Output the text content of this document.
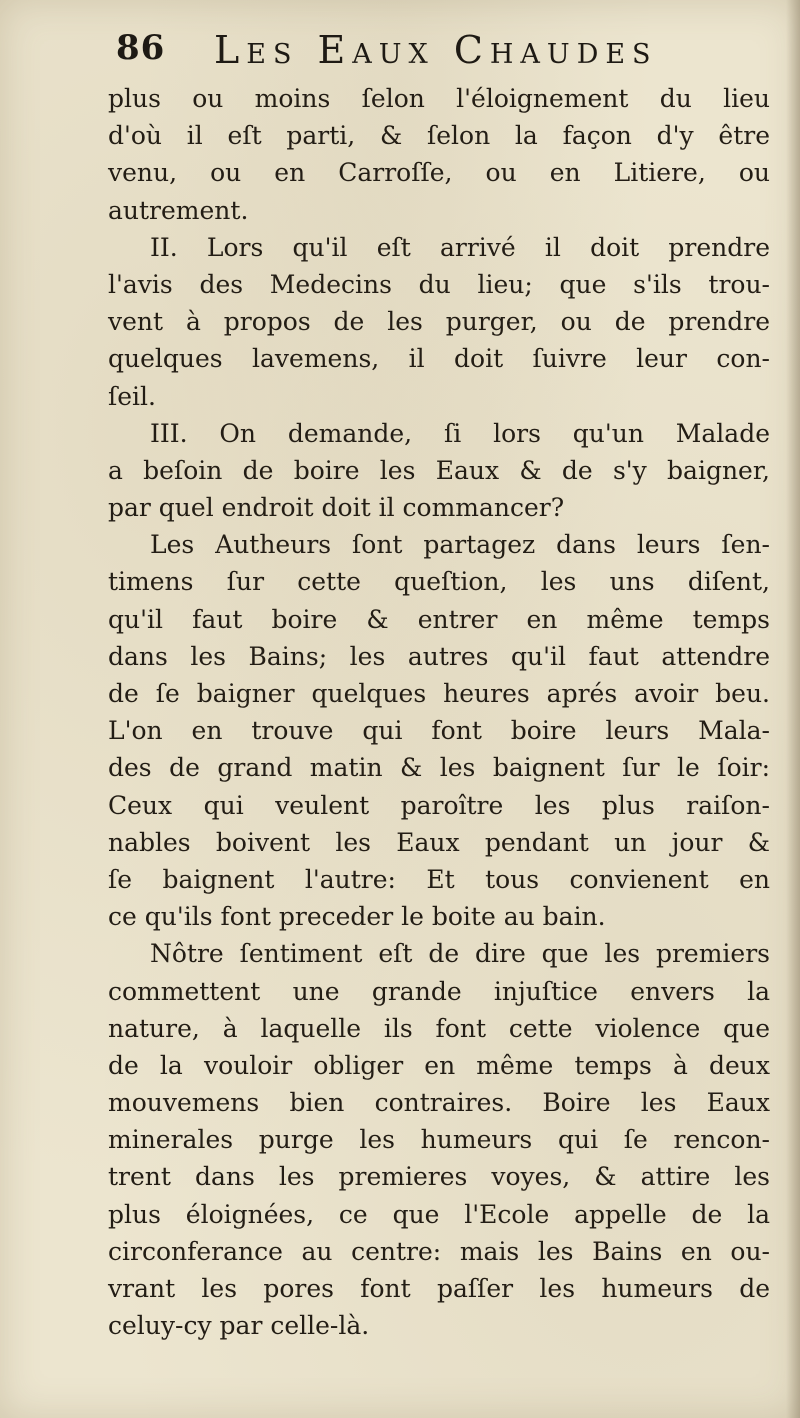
86 Les Eaux Chaudes
plus ou moins ſelon l'éloignement du lieu
d'où il eſt parti, & ſelon la façon d'y être
venu, ou en Carroſſe, ou en Litiere, ou
autrement.
II. Lors qu'il eſt arrivé il doit prendre
l'avis des Medecins du lieu; que s'ils trou-
vent à propos de les purger, ou de prendre
quelques lavemens, il doit ſuivre leur con-
ſeil.
III. On demande, ſi lors qu'un Malade
a beſoin de boire les Eaux & de s'y baigner,
par quel endroit doit il commancer?
Les Autheurs ſont partagez dans leurs ſen-
timens ſur cette queſtion, les uns diſent,
qu'il faut boire & entrer en même temps
dans les Bains; les autres qu'il faut attendre
de ſe baigner quelques heures aprés avoir beu.
L'on en trouve qui font boire leurs Mala-
des de grand matin & les baignent ſur le ſoir:
Ceux qui veulent paroître les plus raiſon-
nables boivent les Eaux pendant un jour &
ſe baignent l'autre: Et tous convienent en
ce qu'ils font preceder le boite au bain.
Nôtre ſentiment eſt de dire que les premiers
commettent une grande injuſtice envers la
nature, à laquelle ils font cette violence que
de la vouloir obliger en même temps à deux
mouvemens bien contraires. Boire les Eaux
minerales purge les humeurs qui ſe rencon-
trent dans les premieres voyes, & attire les
plus éloignées, ce que l'Ecole appelle de la
circonferance au centre: mais les Bains en ou-
vrant les pores font paſſer les humeurs de
celuy-cy par celle-là.
